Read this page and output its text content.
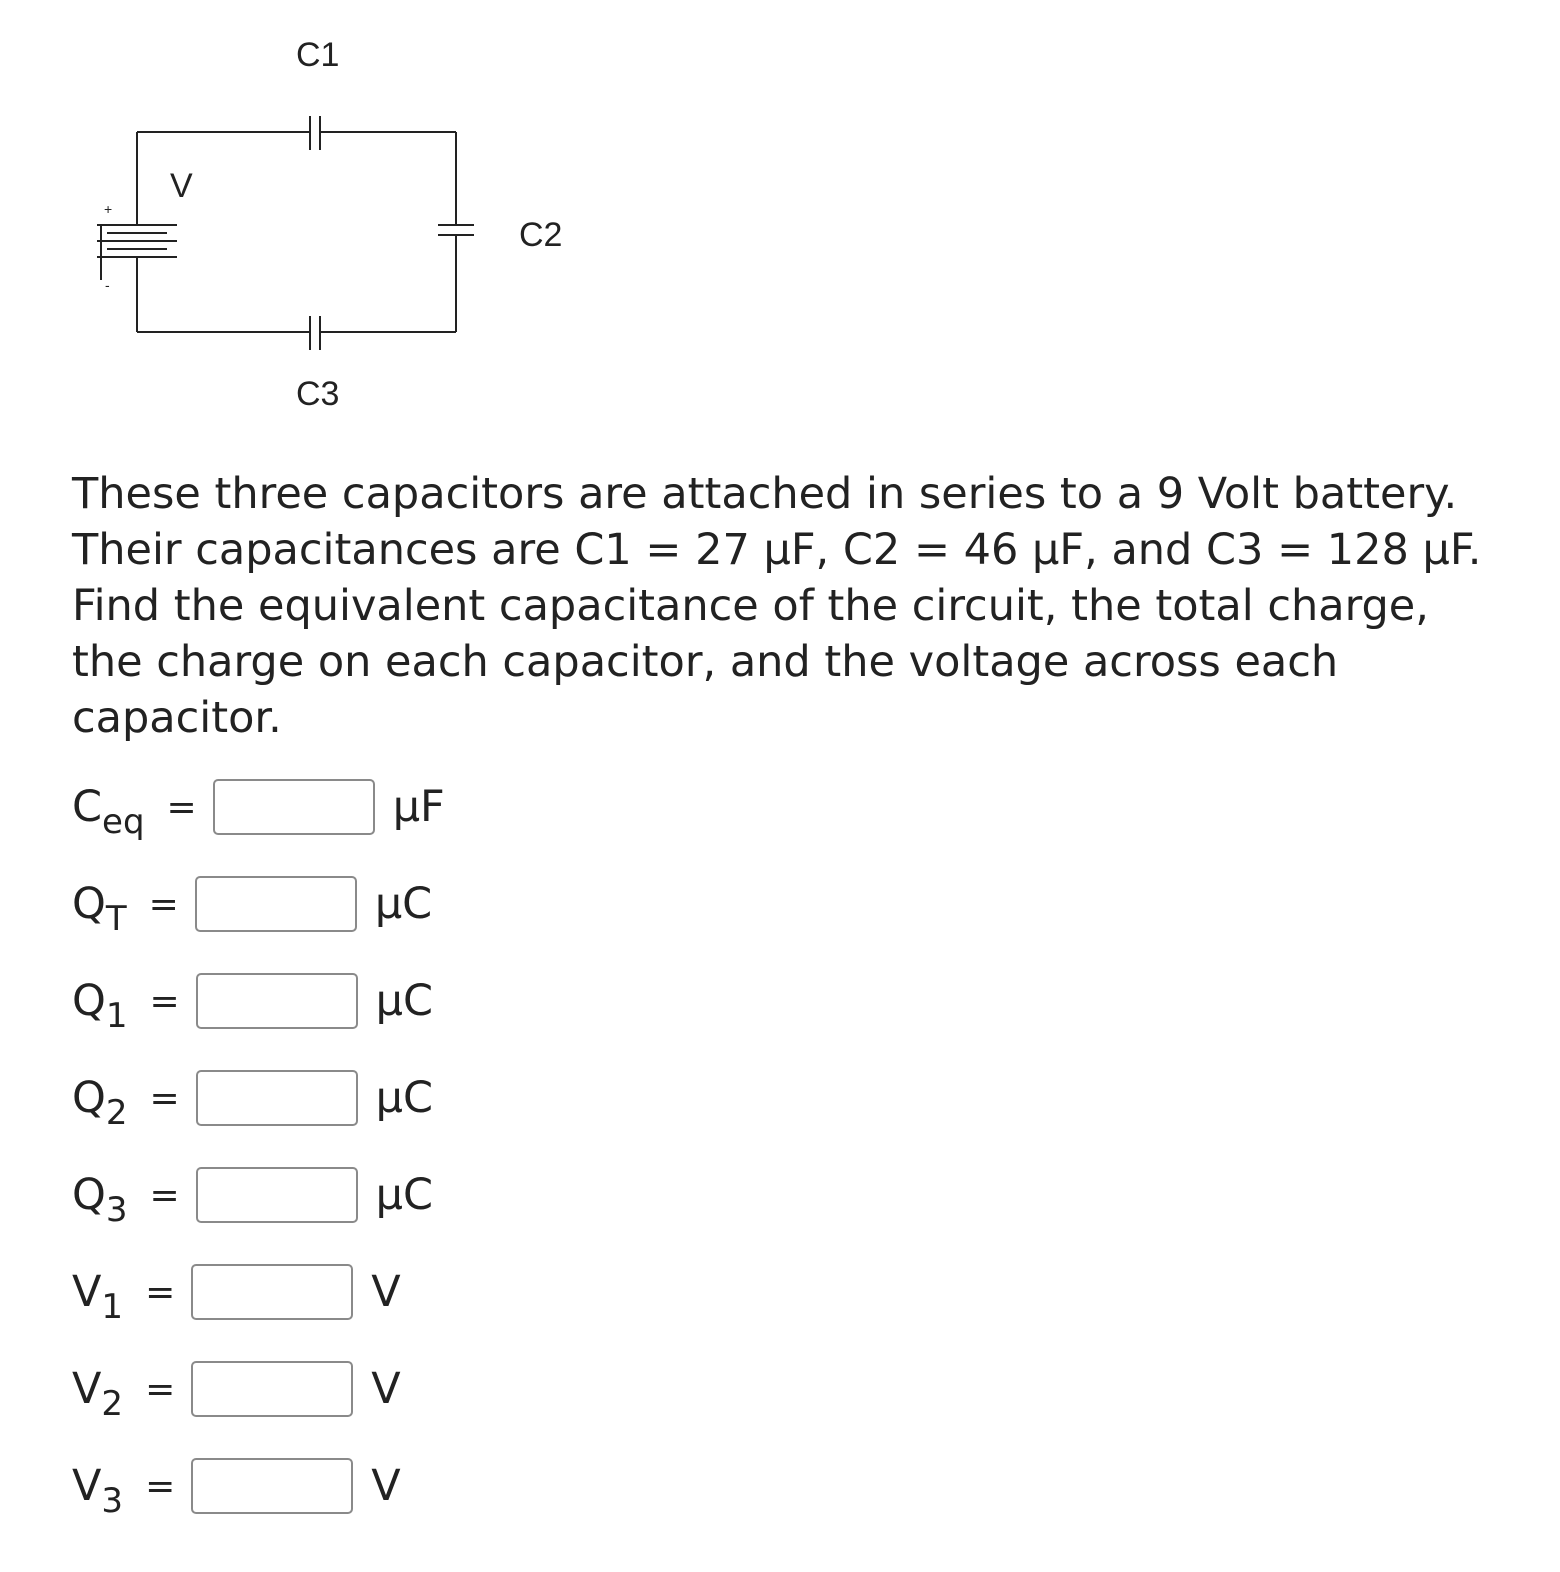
C1
C2
C3
V
+
-

These three capacitors are attached in series to a 9 Volt battery. Their capacitances are C1 = 27 μF, C2 = 46 μF, and C3 = 128 μF. Find the equivalent capacitance of the circuit, the total charge, the charge on each capacitor, and the voltage across each capacitor.

$C_{eq}$ =	μF
$Q_T$ =	μC
$Q_1$ =	μC
$Q_2$ =	μC
$Q_3$ =	μC
$V_1$ =	V
$V_2$ =	V
$V_3$ =	V
